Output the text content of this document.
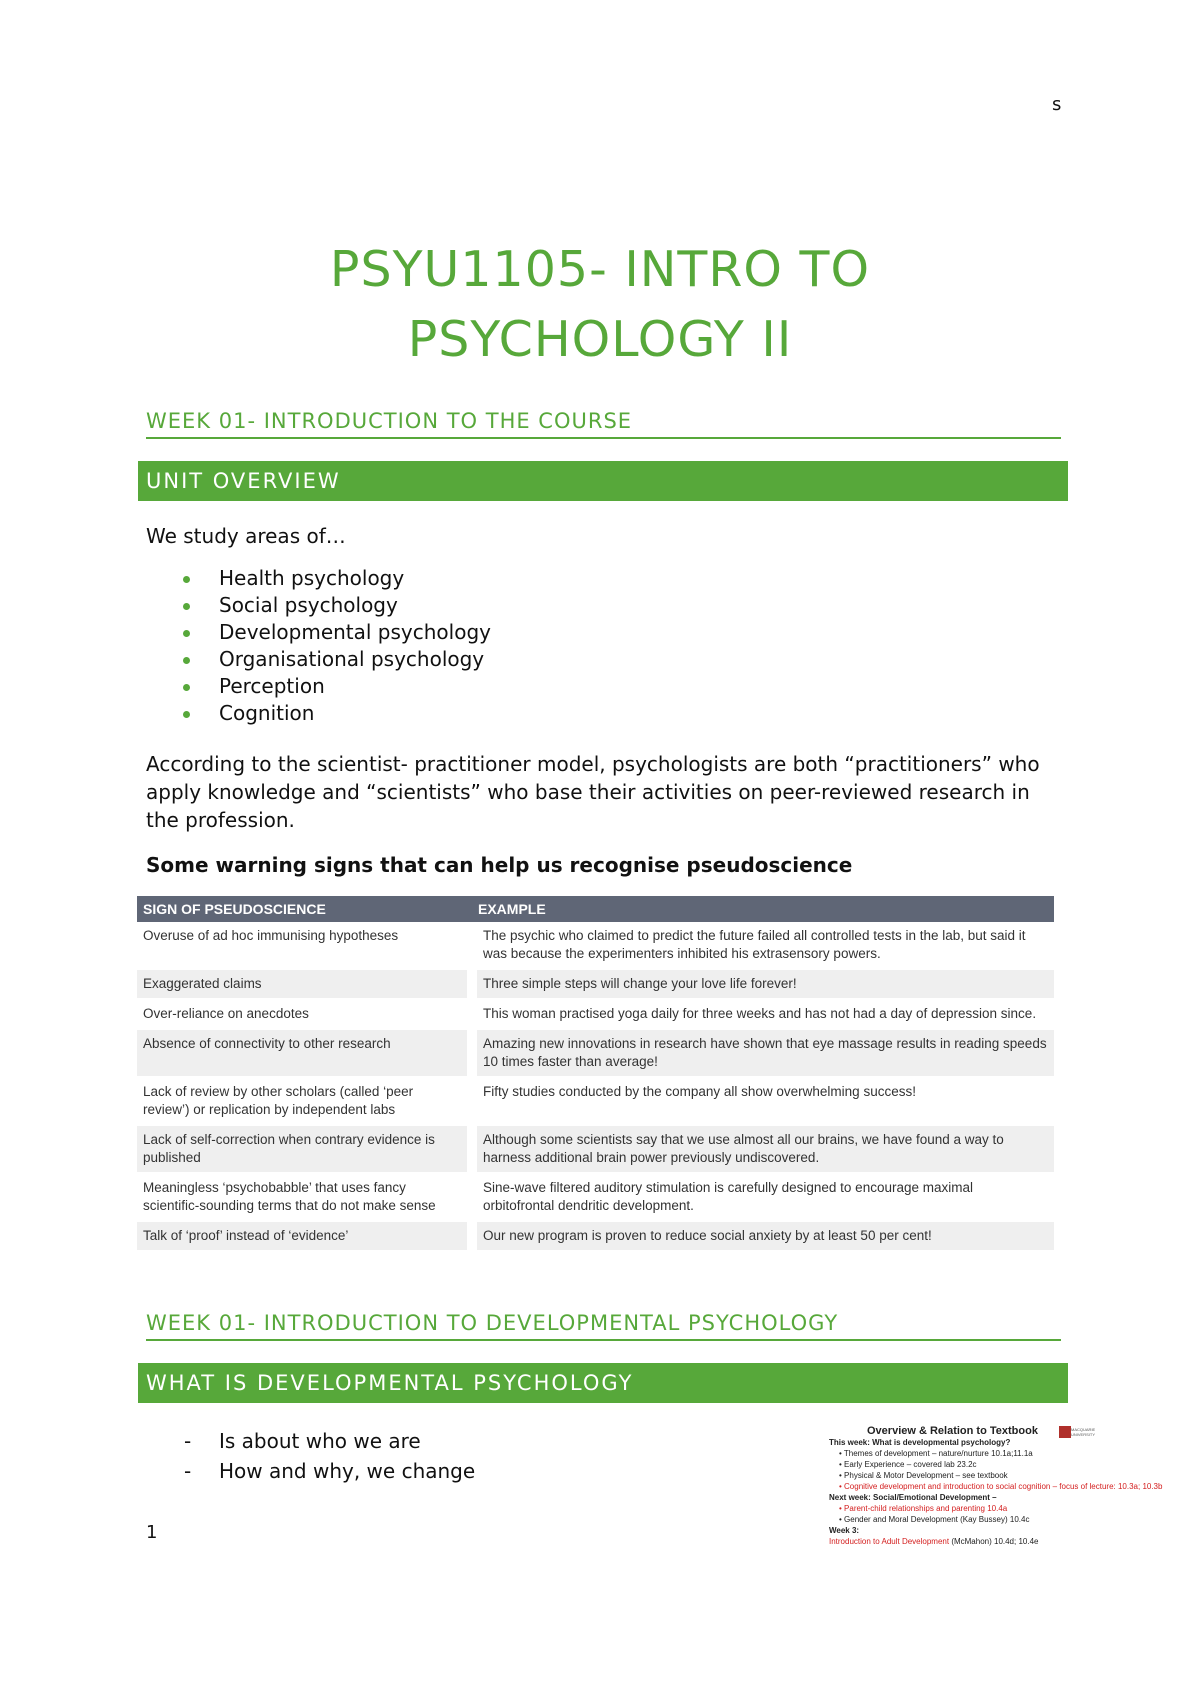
s
PSYU1105- INTRO TO
PSYCHOLOGY II
WEEK 01- INTRODUCTION TO THE COURSE
UNIT OVERVIEW
We study areas of…
Health psychology
Social psychology
Developmental psychology
Organisational psychology
Perception
Cognition
According to the scientist- practitioner model, psychologists are both “practitioners” who apply knowledge and “scientists” who base their activities on peer-reviewed research in the profession.
Some warning signs that can help us recognise pseudoscience
SIGN OF PSEUDOSCIENCE	EXAMPLE
Overuse of ad hoc immunising hypotheses	The psychic who claimed to predict the future failed all controlled tests in the lab, but said it was because the experimenters inhibited his extrasensory powers.
Exaggerated claims	Three simple steps will change your love life forever!
Over-reliance on anecdotes	This woman practised yoga daily for three weeks and has not had a day of depression since.
Absence of connectivity to other research	Amazing new innovations in research have shown that eye massage results in reading speeds 10 times faster than average!
Lack of review by other scholars (called ‘peer review’) or replication by independent labs	Fifty studies conducted by the company all show overwhelming success!
Lack of self-correction when contrary evidence is published	Although some scientists say that we use almost all our brains, we have found a way to harness additional brain power previously undiscovered.
Meaningless ‘psychobabble’ that uses fancy scientific-sounding terms that do not make sense	Sine-wave filtered auditory stimulation is carefully designed to encourage maximal orbitofrontal dendritic development.
Talk of ‘proof’ instead of ‘evidence’	Our new program is proven to reduce social anxiety by at least 50 per cent!
WEEK 01- INTRODUCTION TO DEVELOPMENTAL PSYCHOLOGY
WHAT IS DEVELOPMENTAL PSYCHOLOGY
- Is about who we are
- How and why, we change
1
MACQUARIE UNIVERSITY
Overview & Relation to Textbook
This week: What is developmental psychology?
• Themes of development – nature/nurture 10.1a;11.1a
• Early Experience – covered lab 23.2c
• Physical & Motor Development – see textbook
• Cognitive development and introduction to social cognition – focus of lecture: 10.3a; 10.3b
Next week: Social/Emotional Development –
• Parent-child relationships and parenting 10.4a
• Gender and Moral Development (Kay Bussey) 10.4c
Week 3:
Introduction to Adult Development (McMahon) 10.4d; 10.4e
